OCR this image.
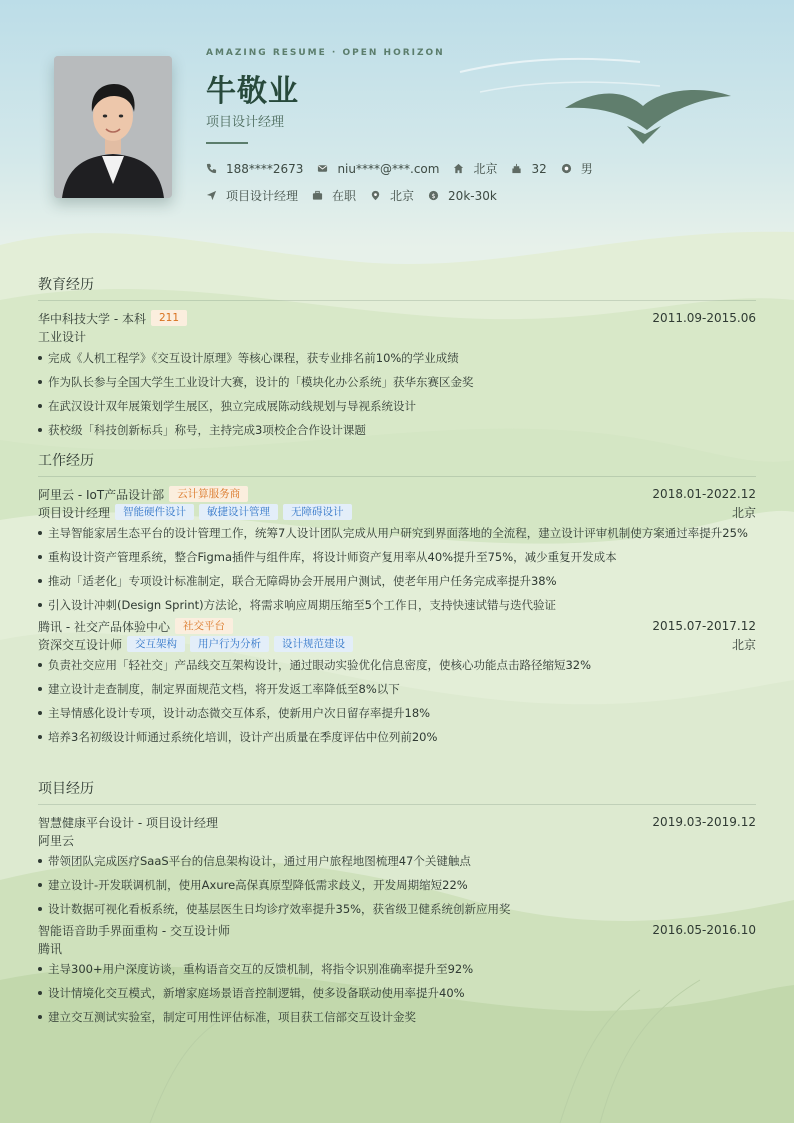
AMAZING RESUME · OPEN HORIZON
牛敬业
项目设计经理
188****2673	niu****@***.com	北京	32	男
项目设计经理	在职	北京 $ 20k-30k
教育经历
华中科技大学 - 本科	211	2011.09-2015.06
工业设计
完成《人机工程学》《交互设计原理》等核心课程，获专业排名前10%的学业成绩
作为队长参与全国大学生工业设计大赛，设计的「模块化办公系统」获华东赛区金奖
在武汉设计双年展策划学生展区，独立完成展陈动线规划与导视系统设计
获校级「科技创新标兵」称号，主持完成3项校企合作设计课题
工作经历
阿里云 - IoT产品设计部	云计算服务商	2018.01-2022.12
项目设计经理	智能硬件设计	敏捷设计管理	无障碍设计	北京
主导智能家居生态平台的设计管理工作，统筹7人设计团队完成从用户研究到界面落地的全流程，建立设计评审机制使方案通过率提升25%
重构设计资产管理系统，整合Figma插件与组件库，将设计师资产复用率从40%提升至75%，减少重复开发成本
推动「适老化」专项设计标准制定，联合无障碍协会开展用户测试，使老年用户任务完成率提升38%
引入设计冲刺(Design Sprint)方法论，将需求响应周期压缩至5个工作日，支持快速试错与迭代验证
腾讯 - 社交产品体验中心	社交平台	2015.07-2017.12
资深交互设计师	交互架构	用户行为分析	设计规范建设	北京
负责社交应用「轻社交」产品线交互架构设计，通过眼动实验优化信息密度，使核心功能点击路径缩短32%
建立设计走查制度，制定界面规范文档，将开发返工率降低至8%以下
主导情感化设计专项，设计动态微交互体系，使新用户次日留存率提升18%
培养3名初级设计师通过系统化培训，设计产出质量在季度评估中位列前20%
项目经历
智慧健康平台设计 - 项目设计经理	2019.03-2019.12
阿里云
带领团队完成医疗SaaS平台的信息架构设计，通过用户旅程地图梳理47个关键触点
建立设计-开发联调机制，使用Axure高保真原型降低需求歧义，开发周期缩短22%
设计数据可视化看板系统，使基层医生日均诊疗效率提升35%，获省级卫健系统创新应用奖
智能语音助手界面重构 - 交互设计师	2016.05-2016.10
腾讯
主导300+用户深度访谈，重构语音交互的反馈机制，将指令识别准确率提升至92%
设计情境化交互模式，新增家庭场景语音控制逻辑，使多设备联动使用率提升40%
建立交互测试实验室，制定可用性评估标准，项目获工信部交互设计金奖
